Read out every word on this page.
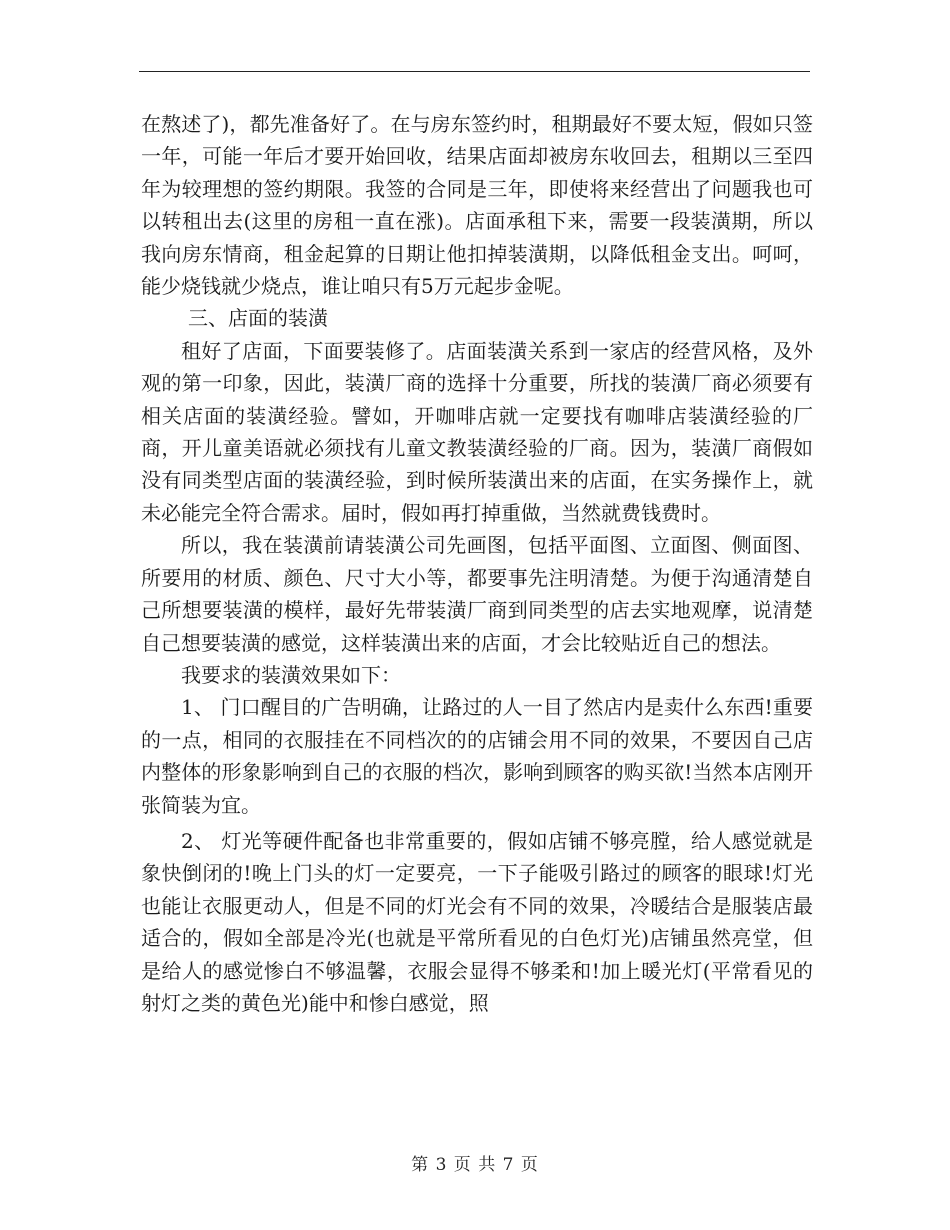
在熬述了)，都先准备好了。在与房东签约时，租期最好不要太短，假如只签一年，可能一年后才要开始回收，结果店面却被房东收回去，租期以三至四年为较理想的签约期限。我签的合同是三年，即使将来经营出了问题我也可以转租出去(这里的房租一直在涨)。店面承租下来，需要一段装潢期，所以我向房东情商，租金起算的日期让他扣掉装潢期，以降低租金支出。呵呵，能少烧钱就少烧点，谁让咱只有5万元起步金呢。

三、店面的装潢

租好了店面，下面要装修了。店面装潢关系到一家店的经营风格，及外观的第一印象，因此，装潢厂商的选择十分重要，所找的装潢厂商必须要有相关店面的装潢经验。譬如，开咖啡店就一定要找有咖啡店装潢经验的厂商，开儿童美语就必须找有儿童文教装潢经验的厂商。因为，装潢厂商假如没有同类型店面的装潢经验，到时候所装潢出来的店面，在实务操作上，就未必能完全符合需求。届时，假如再打掉重做，当然就费钱费时。

所以，我在装潢前请装潢公司先画图，包括平面图、立面图、侧面图、所要用的材质、颜色、尺寸大小等，都要事先注明清楚。为便于沟通清楚自己所想要装潢的模样，最好先带装潢厂商到同类型的店去实地观摩，说清楚自己想要装潢的感觉，这样装潢出来的店面，才会比较贴近自己的想法。

我要求的装潢效果如下：

1、 门口醒目的广告明确，让路过的人一目了然店内是卖什么东西!重要的一点，相同的衣服挂在不同档次的的店铺会用不同的效果，不要因自己店内整体的形象影响到自己的衣服的档次，影响到顾客的购买欲!当然本店刚开张简装为宜。

2、 灯光等硬件配备也非常重要的，假如店铺不够亮膛，给人感觉就是象快倒闭的!晚上门头的灯一定要亮，一下子能吸引路过的顾客的眼球!灯光也能让衣服更动人，但是不同的灯光会有不同的效果，冷暖结合是服装店最适合的，假如全部是冷光(也就是平常所看见的白色灯光)店铺虽然亮堂，但是给人的感觉惨白不够温馨，衣服会显得不够柔和!加上暖光灯(平常看见的射灯之类的黄色光)能中和惨白感觉，照

第 3 页 共 7 页
